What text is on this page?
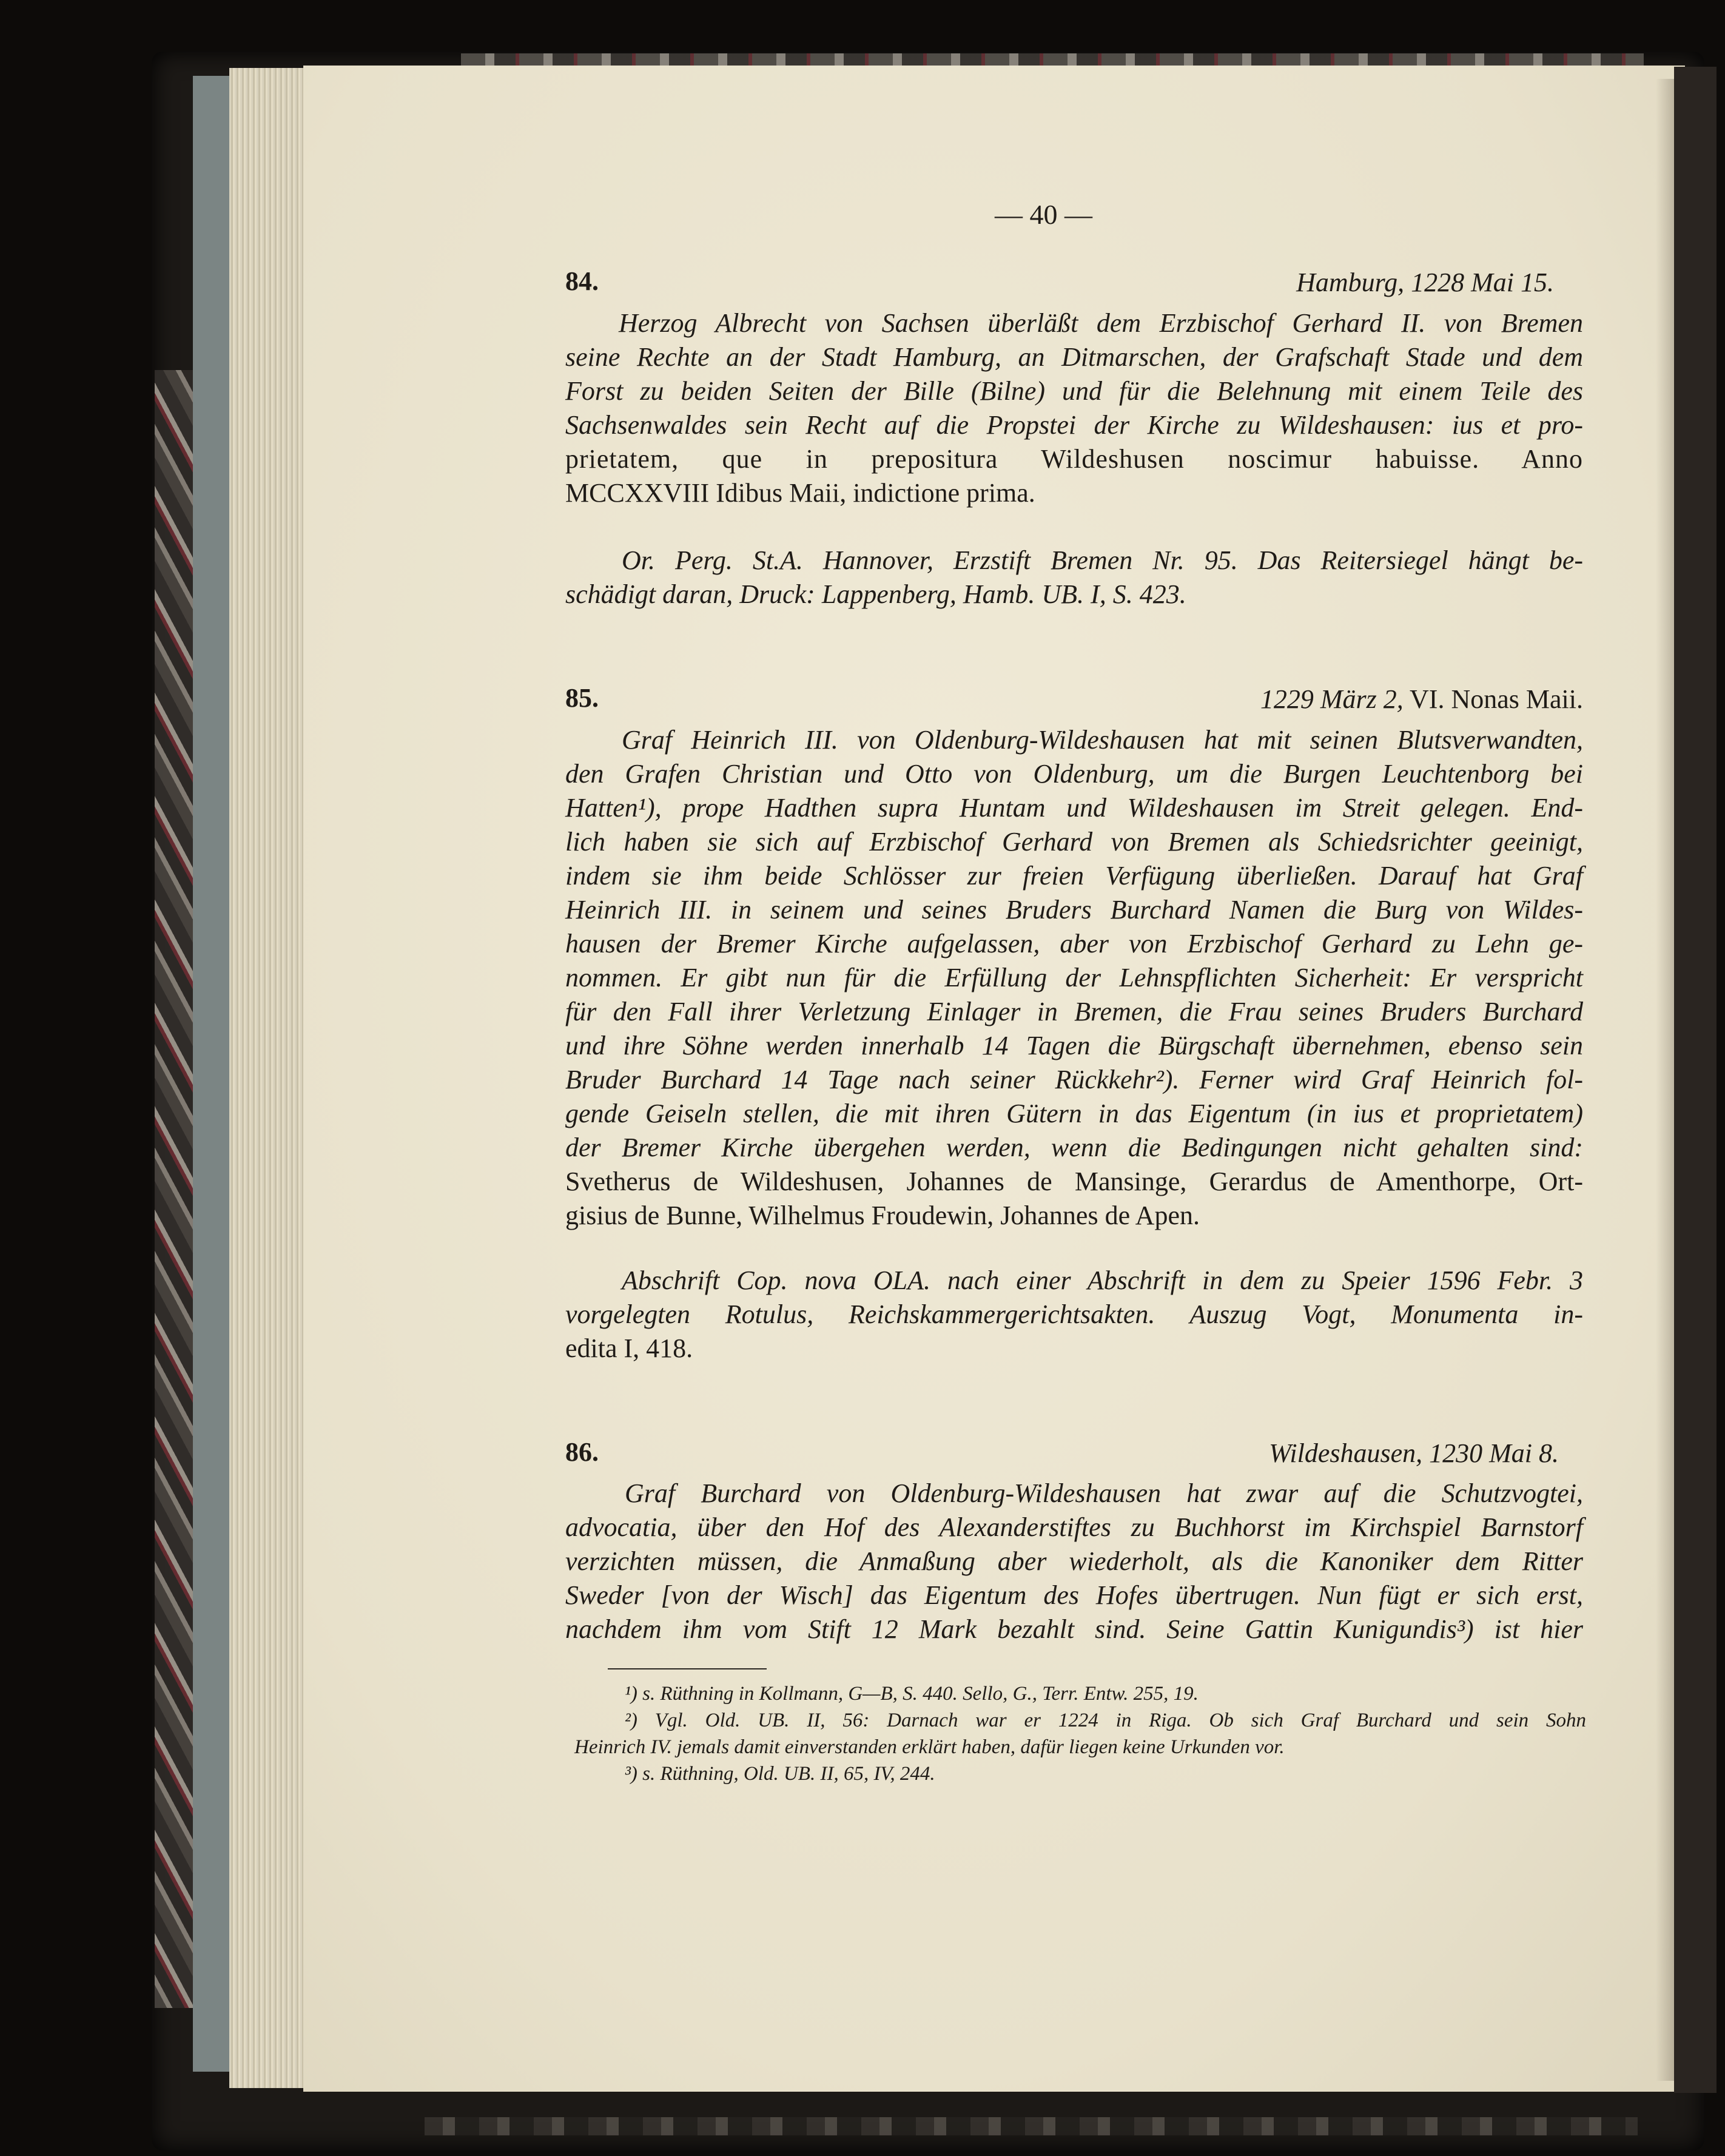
— 40 —
84.	Hamburg, 1228 Mai 15.
Herzog Albrecht von Sachsen überläßt dem Erzbischof Gerhard II. von Bremen
seine Rechte an der Stadt Hamburg, an Ditmarschen, der Grafschaft Stade und dem
Forst zu beiden Seiten der Bille (Bilne) und für die Belehnung mit einem Teile des
Sachsenwaldes sein Recht auf die Propstei der Kirche zu Wildeshausen: ius et pro-
prietatem, que in prepositura Wildeshusen noscimur habuisse. Anno
MCCXXVIII Idibus Maii, indictione prima.
Or. Perg. St.A. Hannover, Erzstift Bremen Nr. 95. Das Reitersiegel hängt be-
schädigt daran, Druck: Lappenberg, Hamb. UB. I, S. 423.
85.	1229 März 2, VI. Nonas Maii.
Graf Heinrich III. von Oldenburg-Wildeshausen hat mit seinen Blutsverwandten,
den Grafen Christian und Otto von Oldenburg, um die Burgen Leuchtenborg bei
Hatten¹), prope Hadthen supra Huntam und Wildeshausen im Streit gelegen. End-
lich haben sie sich auf Erzbischof Gerhard von Bremen als Schiedsrichter geeinigt,
indem sie ihm beide Schlösser zur freien Verfügung überließen. Darauf hat Graf
Heinrich III. in seinem und seines Bruders Burchard Namen die Burg von Wildes-
hausen der Bremer Kirche aufgelassen, aber von Erzbischof Gerhard zu Lehn ge-
nommen. Er gibt nun für die Erfüllung der Lehnspflichten Sicherheit: Er verspricht
für den Fall ihrer Verletzung Einlager in Bremen, die Frau seines Bruders Burchard
und ihre Söhne werden innerhalb 14 Tagen die Bürgschaft übernehmen, ebenso sein
Bruder Burchard 14 Tage nach seiner Rückkehr²). Ferner wird Graf Heinrich fol-
gende Geiseln stellen, die mit ihren Gütern in das Eigentum (in ius et proprietatem)
der Bremer Kirche übergehen werden, wenn die Bedingungen nicht gehalten sind:
Svetherus de Wildeshusen, Johannes de Mansinge, Gerardus de Amenthorpe, Ort-
gisius de Bunne, Wilhelmus Froudewin, Johannes de Apen.
Abschrift Cop. nova OLA. nach einer Abschrift in dem zu Speier 1596 Febr. 3
vorgelegten Rotulus, Reichskammergerichtsakten. Auszug Vogt, Monumenta in-
edita I, 418.
86.	Wildeshausen, 1230 Mai 8.
Graf Burchard von Oldenburg-Wildeshausen hat zwar auf die Schutzvogtei,
advocatia, über den Hof des Alexanderstiftes zu Buchhorst im Kirchspiel Barnstorf
verzichten müssen, die Anmaßung aber wiederholt, als die Kanoniker dem Ritter
Sweder [von der Wisch] das Eigentum des Hofes übertrugen. Nun fügt er sich erst,
nachdem ihm vom Stift 12 Mark bezahlt sind. Seine Gattin Kunigundis³) ist hier
¹) s. Rüthning in Kollmann, G—B, S. 440. Sello, G., Terr. Entw. 255, 19.
²) Vgl. Old. UB. II, 56: Darnach war er 1224 in Riga. Ob sich Graf Burchard und sein Sohn
Heinrich IV. jemals damit einverstanden erklärt haben, dafür liegen keine Urkunden vor.
³) s. Rüthning, Old. UB. II, 65, IV, 244.
